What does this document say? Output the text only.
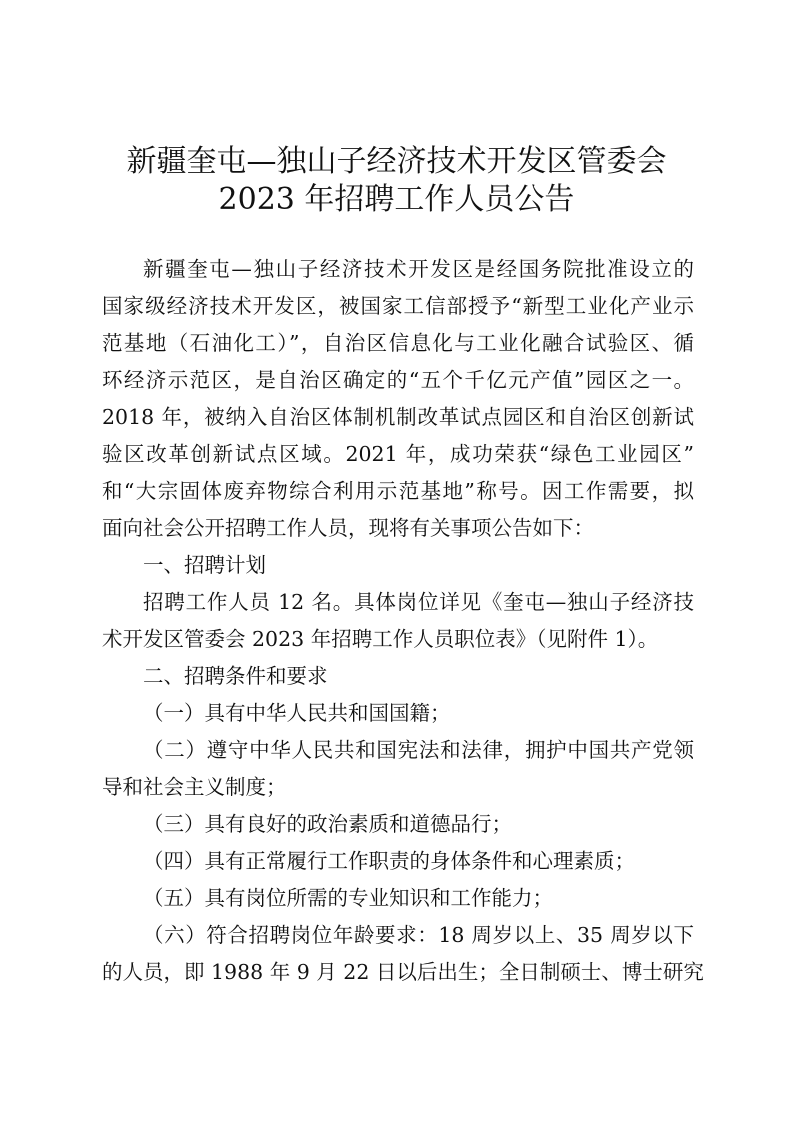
新疆奎屯—独山子经济技术开发区管委会
2023 年招聘工作人员公告
新疆奎屯—独山子经济技术开发区是经国务院批准设立的
国家级经济技术开发区，被国家工信部授予“新型工业化产业示
范基地（石油化工）”，自治区信息化与工业化融合试验区、循
环经济示范区，是自治区确定的“五个千亿元产值”园区之一。
2018 年，被纳入自治区体制机制改革试点园区和自治区创新试
验区改革创新试点区域。2021 年，成功荣获“绿色工业园区”
和“大宗固体废弃物综合利用示范基地”称号。因工作需要，拟
面向社会公开招聘工作人员，现将有关事项公告如下：
一、招聘计划
招聘工作人员 12 名。具体岗位详见《奎屯—独山子经济技
术开发区管委会 2023 年招聘工作人员职位表》（见附件 1）。
二、招聘条件和要求
（一）具有中华人民共和国国籍；
（二）遵守中华人民共和国宪法和法律，拥护中国共产党领
导和社会主义制度；
（三）具有良好的政治素质和道德品行；
（四）具有正常履行工作职责的身体条件和心理素质；
（五）具有岗位所需的专业知识和工作能力；
（六）符合招聘岗位年龄要求：18 周岁以上、35 周岁以下
的人员，即 1988 年 9 月 22 日以后出生；全日制硕士、博士研究
